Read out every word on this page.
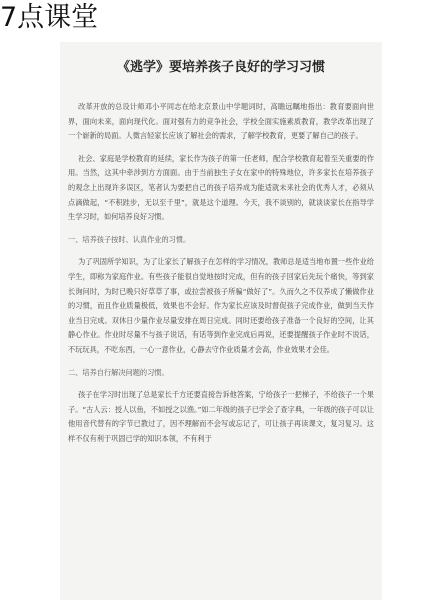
7点课堂
《逃学》要培养孩子良好的学习习惯

改革开放的总设计师邓小平同志在给北京景山中学题词时，高瞻远瞩地指出：教育要面向世界，面向未来，面向现代化。面对强有力的竞争社会，学校全面实施素质教育，教学改革出现了一个崭新的局面。人微言轻家长应该了解社会的需求，了解学校教育，更要了解自己的孩子。

社会、家庭是学校教育的延续，家长作为孩子的第一任老师，配合学校教育起着至关重要的作用。当然，这其中牵涉到方方面面。由于当前独生子女在家中的特殊地位，许多家长在培养孩子的观念上出现许多误区，笔者认为要把自己的孩子培养成为能适就未来社会的优秀人才，必须从点滴做起，“不积跬步，无以至千里”，就是这个道理。今天，我不谈别的，就谈谈家长在指导学生学习时，如何培养良好习惯。

一、培养孩子按时、认真作业的习惯。

为了巩固所学知识，为了让家长了解孩子在怎样的学习情况，教师总是适当地布置一些作业给学生，即称为家庭作业。有些孩子能很自觉地按时完成，但有的孩子回家后先玩个痛快，等到家长询问时，为时已晚只好草草了事，或拉尝被孩子所骗“做好了”。久而久之不仅养成了懒做作业的习惯，而且作业质量极低，效果也不会好。作为家长应该及时督促孩子完成作业，做到当天作业当日完成。双休日少量作业尽量安排在周日完成。同时还要给孩子准备一个良好的空间，让其静心作业。作业时尽量不与孩子说话，有话等到作业完成后再说，还要提醒孩子作业时不说话，不玩玩具，不吃东西，一心一意作业，心静去守作业质量才会高，作业效果才会佳。

二、培养自行解决问题的习惯。

孩子在学习时出现了总是家长千方还要直接告诉他答案，宁给孩子一把梯子，不给孩子一个果子。“古人云：授人以鱼，不如授之以渔。”如二年级的孩子已学会了查字典，一年级的孩子可以让他用音代替有的字节已教过了，因不理解而不会写或忘记了，可让孩子再读课文，复习复习。这样不仅有利于巩固已学的知识本领，不有利于
